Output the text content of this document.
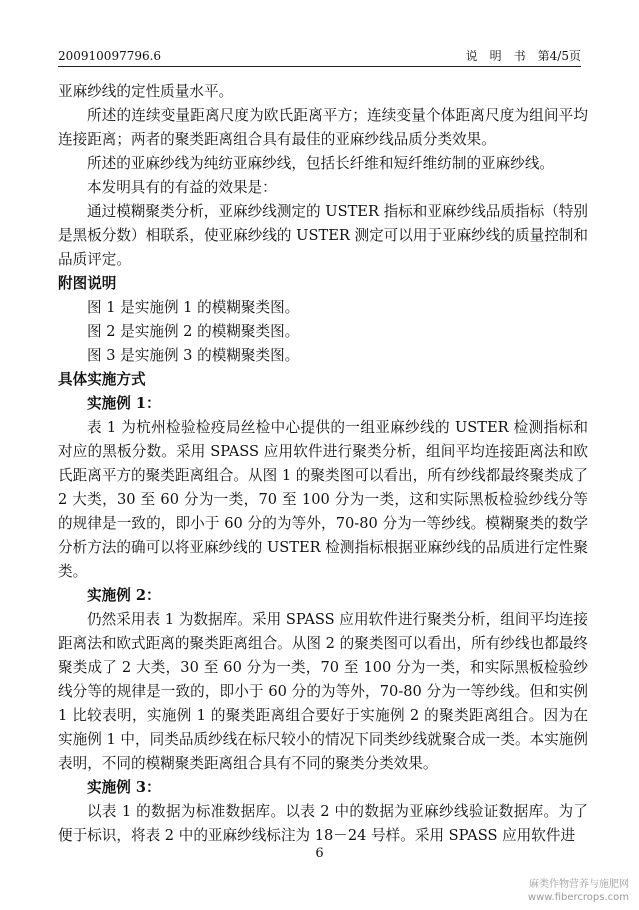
200910097796.6	说　明　书　第4/5页

亚麻纱线的定性质量水平。

所述的连续变量距离尺度为欧氏距离平方；连续变量个体距离尺度为组间平均连接距离；两者的聚类距离组合具有最佳的亚麻纱线品质分类效果。

所述的亚麻纱线为纯纺亚麻纱线，包括长纤维和短纤维纺制的亚麻纱线。

本发明具有的有益的效果是：

通过模糊聚类分析，亚麻纱线测定的 USTER 指标和亚麻纱线品质指标（特别是黑板分数）相联系，使亚麻纱线的 USTER 测定可以用于亚麻纱线的质量控制和品质评定。

附图说明

图 1 是实施例 1 的模糊聚类图。

图 2 是实施例 2 的模糊聚类图。

图 3 是实施例 3 的模糊聚类图。

具体实施方式

实施例 1：

表 1 为杭州检验检疫局丝检中心提供的一组亚麻纱线的 USTER 检测指标和对应的黑板分数。采用 SPASS 应用软件进行聚类分析，组间平均连接距离法和欧氏距离平方的聚类距离组合。从图 1 的聚类图可以看出，所有纱线都最终聚类成了 2 大类，30 至 60 分为一类，70 至 100 分为一类，这和实际黑板检验纱线分等的规律是一致的，即小于 60 分的为等外，70-80 分为一等纱线。模糊聚类的数学分析方法的确可以将亚麻纱线的 USTER 检测指标根据亚麻纱线的品质进行定性聚类。

实施例 2：

仍然采用表 1 为数据库。采用 SPASS 应用软件进行聚类分析，组间平均连接距离法和欧式距离的聚类距离组合。从图 2 的聚类图可以看出，所有纱线也都最终聚类成了 2 大类，30 至 60 分为一类，70 至 100 分为一类，和实际黑板检验纱线分等的规律是一致的，即小于 60 分的为等外，70-80 分为一等纱线。但和实例 1 比较表明，实施例 1 的聚类距离组合要好于实施例 2 的聚类距离组合。因为在实施例 1 中，同类品质纱线在标尺较小的情况下同类纱线就聚合成一类。本实施例表明，不同的模糊聚类距离组合具有不同的聚类分类效果。

实施例 3：

以表 1 的数据为标准数据库。以表 2 中的数据为亚麻纱线验证数据库。为了便于标识，将表 2 中的亚麻纱线标注为 18－24 号样。采用 SPASS 应用软件进

6
麻类作物营养与施肥网
www.fibercrops.com
